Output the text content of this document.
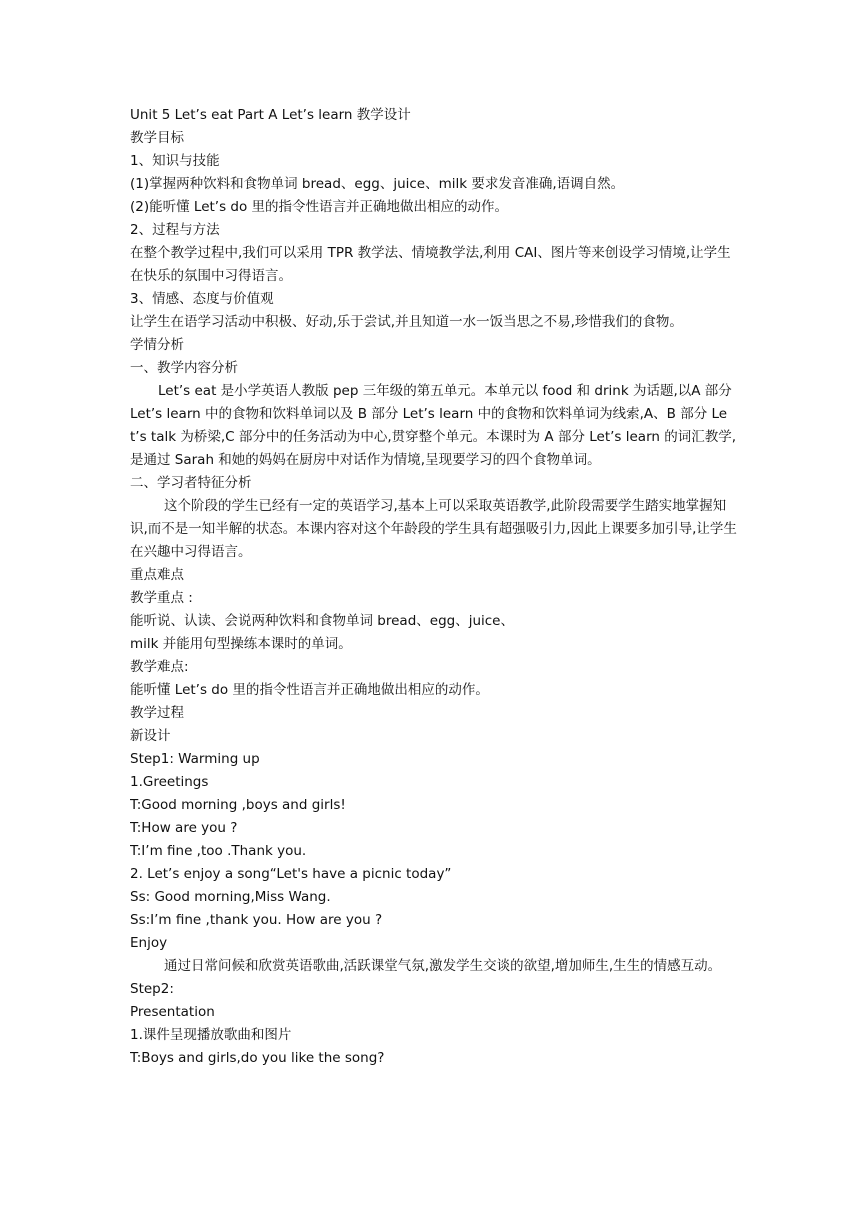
Unit 5 Let’s eat Part A Let’s learn 教学设计
教学目标
1、知识与技能
(1)掌握两种饮料和食物单词 bread、egg、juice、milk 要求发音准确,语调自然。
(2)能听懂 Let’s do 里的指令性语言并正确地做出相应的动作。
2、过程与方法
在整个教学过程中,我们可以采用 TPR 教学法、情境教学法,利用 CAI、图片等来创设学习情境,让学生在快乐的氛围中习得语言。
3、情感、态度与价值观
让学生在语学习活动中积极、好动,乐于尝试,并且知道一水一饭当思之不易,珍惜我们的食物。
学情分析
一、教学内容分析
Let’s eat 是小学英语人教版 pep 三年级的第五单元。本单元以 food 和 drink 为话题,以A 部分 Let’s learn 中的食物和饮料单词以及 B 部分 Let’s learn 中的食物和饮料单词为线索,A、B 部分 Let’s talk 为桥梁,C 部分中的任务活动为中心,贯穿整个单元。本课时为 A 部分 Let’s learn 的词汇教学,是通过 Sarah 和她的妈妈在厨房中对话作为情境,呈现要学习的四个食物单词。
二、学习者特征分析
这个阶段的学生已经有一定的英语学习,基本上可以采取英语教学,此阶段需要学生踏实地掌握知识,而不是一知半解的状态。本课内容对这个年龄段的学生具有超强吸引力,因此上课要多加引导,让学生在兴趣中习得语言。
重点难点
教学重点 :
能听说、认读、会说两种饮料和食物单词 bread、egg、juice、
milk 并能用句型操练本课时的单词。
教学难点:
能听懂 Let’s do 里的指令性语言并正确地做出相应的动作。
教学过程
新设计
Step1: Warming up
1.Greetings
T:Good morning ,boys and girls!
T:How are you ?
T:I’m fine ,too .Thank you.
2. Let’s enjoy a song“Let's have a picnic today”
Ss: Good morning,Miss Wang.
Ss:I’m fine ,thank you. How are you ?
Enjoy
通过日常问候和欣赏英语歌曲,活跃课堂气氛,激发学生交谈的欲望,增加师生,生生的情感互动。
Step2:
Presentation
1.课件呈现播放歌曲和图片
T:Boys and girls,do you like the song?
